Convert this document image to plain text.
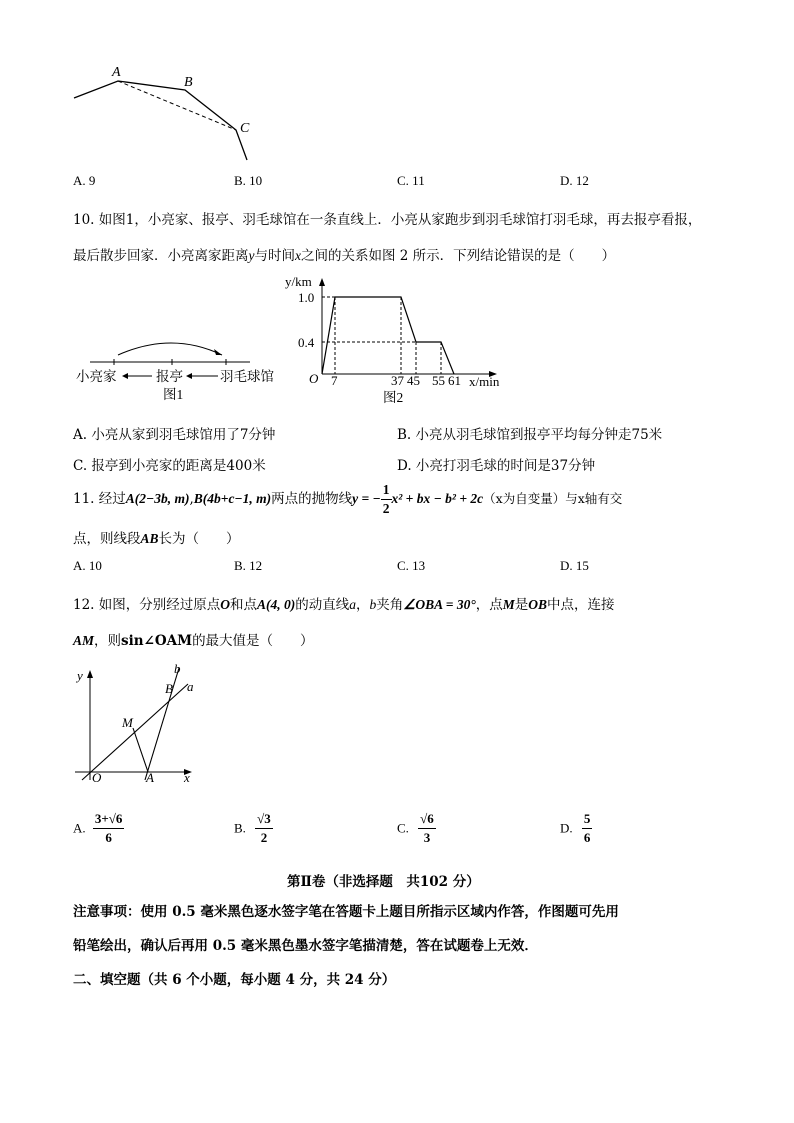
A
B
C
A. 9	B. 10	C. 11	D. 12
10. 如图1，小亮家、报亭、羽毛球馆在一条直线上．小亮从家跑步到羽毛球馆打羽毛球，再去报亭看报，
最后散步回家．小亮离家距离y与时间x之间的关系如图 2 所示．下列结论错误的是（　　）
小亮家	报亭	羽毛球馆
图1
y/km
x/min
O
1.0
0.4
7	37 45 55 61
图2
A. 小亮从家到羽毛球馆用了7分钟	B. 小亮从羽毛球馆到报亭平均每分钟走75米
C. 报亭到小亮家的距离是400米	D. 小亮打羽毛球的时间是37分钟
11. 经过A(2−3b, m),B(4b+c−1, m)两点的抛物线y = − $\frac{1}{2} x^2$ + bx − b² + 2c（x为自变量）与x轴有交
点，则线段AB长为（　　）
A. 10	B. 12	C. 13	D. 15
12. 如图，分别经过原点O和点A(4, 0)的动直线a，b夹角∠OBA = 30°，点M是OB中点，连接
AM，则sin∠OAM的最大值是（　　）
y
x
O	A
B
M
a
b
A. $\frac{3+√6}{6}$	B. $\frac{√3}{2}$	C. $\frac{√6}{3}$	D. $\frac{5}{6}$
第Ⅱ卷（非选择题　共102 分）
注意事项：使用 0.5 毫米黑色逐水签字笔在答题卡上题目所指示区域内作答，作图题可先用
铅笔绘出，确认后再用 0.5 毫米黑色墨水签字笔描清楚，答在试题卷上无效．
二、填空题（共 6 个小题，每小题 4 分，共 24 分）
